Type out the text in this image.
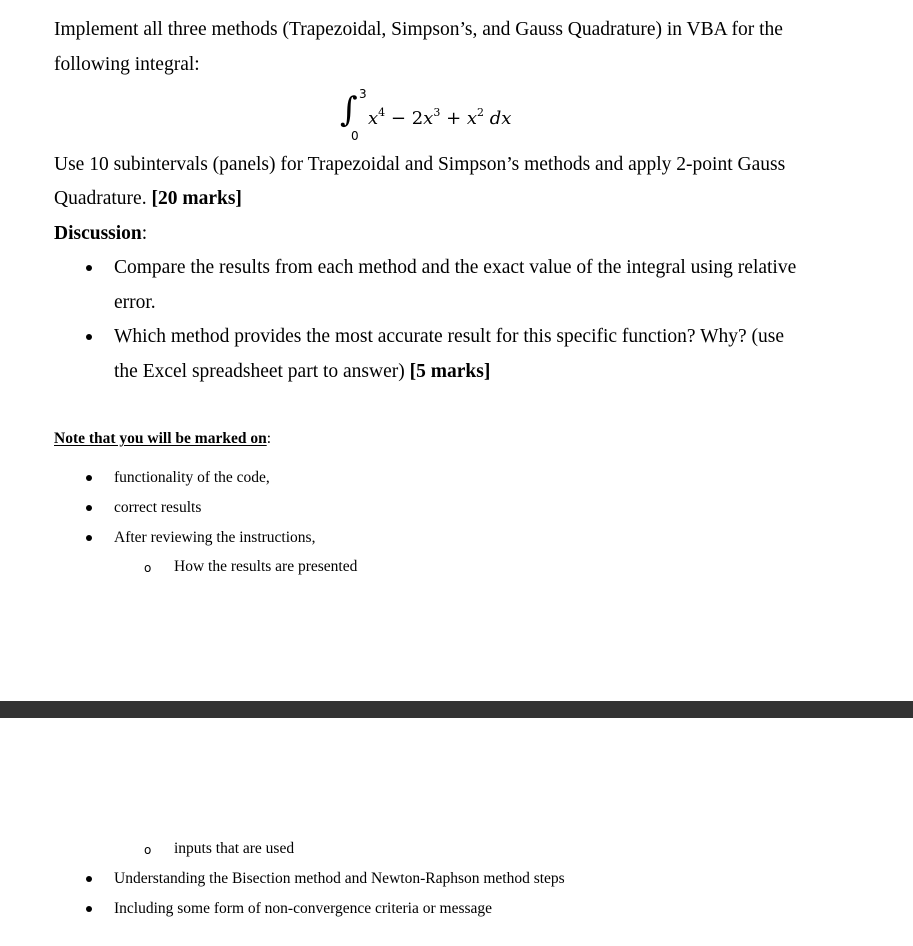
Implement all three methods (Trapezoidal, Simpson’s, and Gauss Quadrature) in VBA for the
following integral:
∫ 3
0
$x^4 - 2x^3 + x^2$ dx
Use 10 subintervals (panels) for Trapezoidal and Simpson’s methods and apply 2-point Gauss
Quadrature. [20 marks]
Discussion:
Compare the results from each method and the exact value of the integral using relative
error.
Which method provides the most accurate result for this specific function? Why? (use
the Excel spreadsheet part to answer) [5 marks]
Note that you will be marked on:
functionality of the code,
correct results
After reviewing the instructions,
o How the results are presented
o inputs that are used
Understanding the Bisection method and Newton-Raphson method steps
Including some form of non-convergence criteria or message
